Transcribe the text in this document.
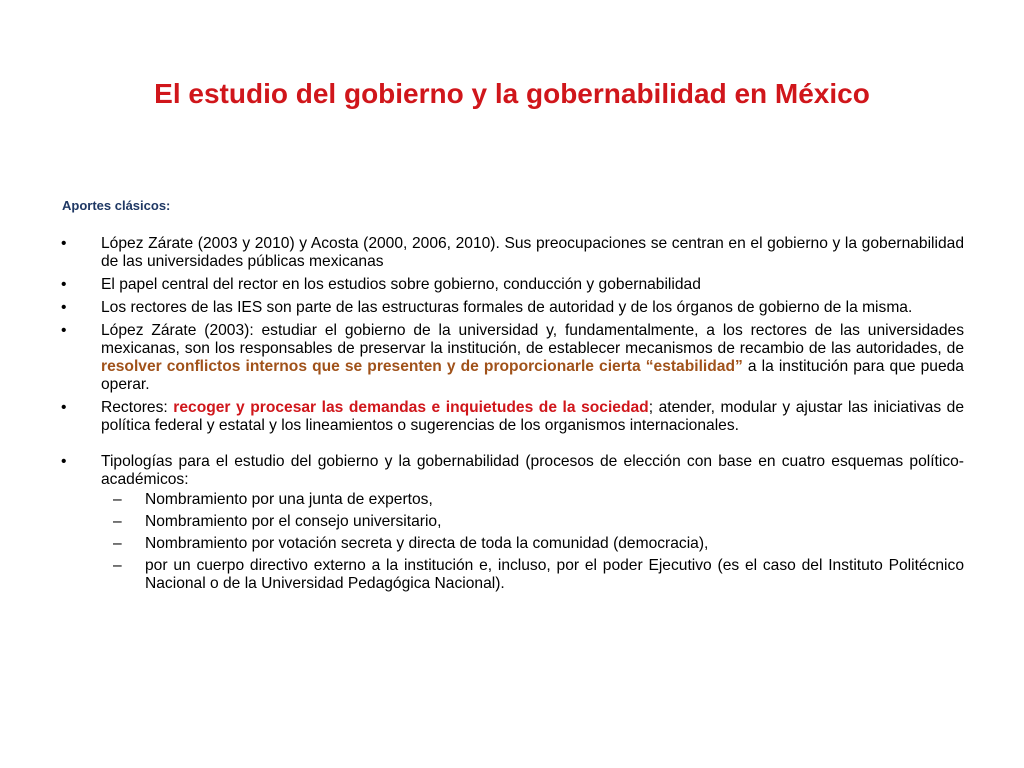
El estudio del gobierno y la gobernabilidad en México
Aportes clásicos:
• López Zárate (2003 y 2010) y Acosta (2000, 2006, 2010). Sus preocupaciones se centran en el gobierno y la gobernabilidad de las universidades públicas mexicanas
• El papel central del rector en los estudios sobre gobierno, conducción y gobernabilidad
• Los rectores de las IES son parte de las estructuras formales de autoridad y de los órganos de gobierno de la misma.
• López Zárate (2003): estudiar el gobierno de la universidad y, fundamentalmente, a los rectores de las universidades mexicanas, son los responsables de preservar la institución, de establecer mecanismos de recambio de las autoridades, de resolver conflictos internos que se presenten y de proporcionarle cierta “estabilidad” a la institución para que pueda operar.
• Rectores: recoger y procesar las demandas e inquietudes de la sociedad; atender, modular y ajustar las iniciativas de política federal y estatal y los lineamientos o sugerencias de los organismos internacionales.
• Tipologías para el estudio del gobierno y la gobernabilidad (procesos de elección con base en cuatro esquemas político-académicos:
– Nombramiento por una junta de expertos,
– Nombramiento por el consejo universitario,
– Nombramiento por votación secreta y directa de toda la comunidad (democracia),
– por un cuerpo directivo externo a la institución e, incluso, por el poder Ejecutivo (es el caso del Instituto Politécnico Nacional o de la Universidad Pedagógica Nacional).
